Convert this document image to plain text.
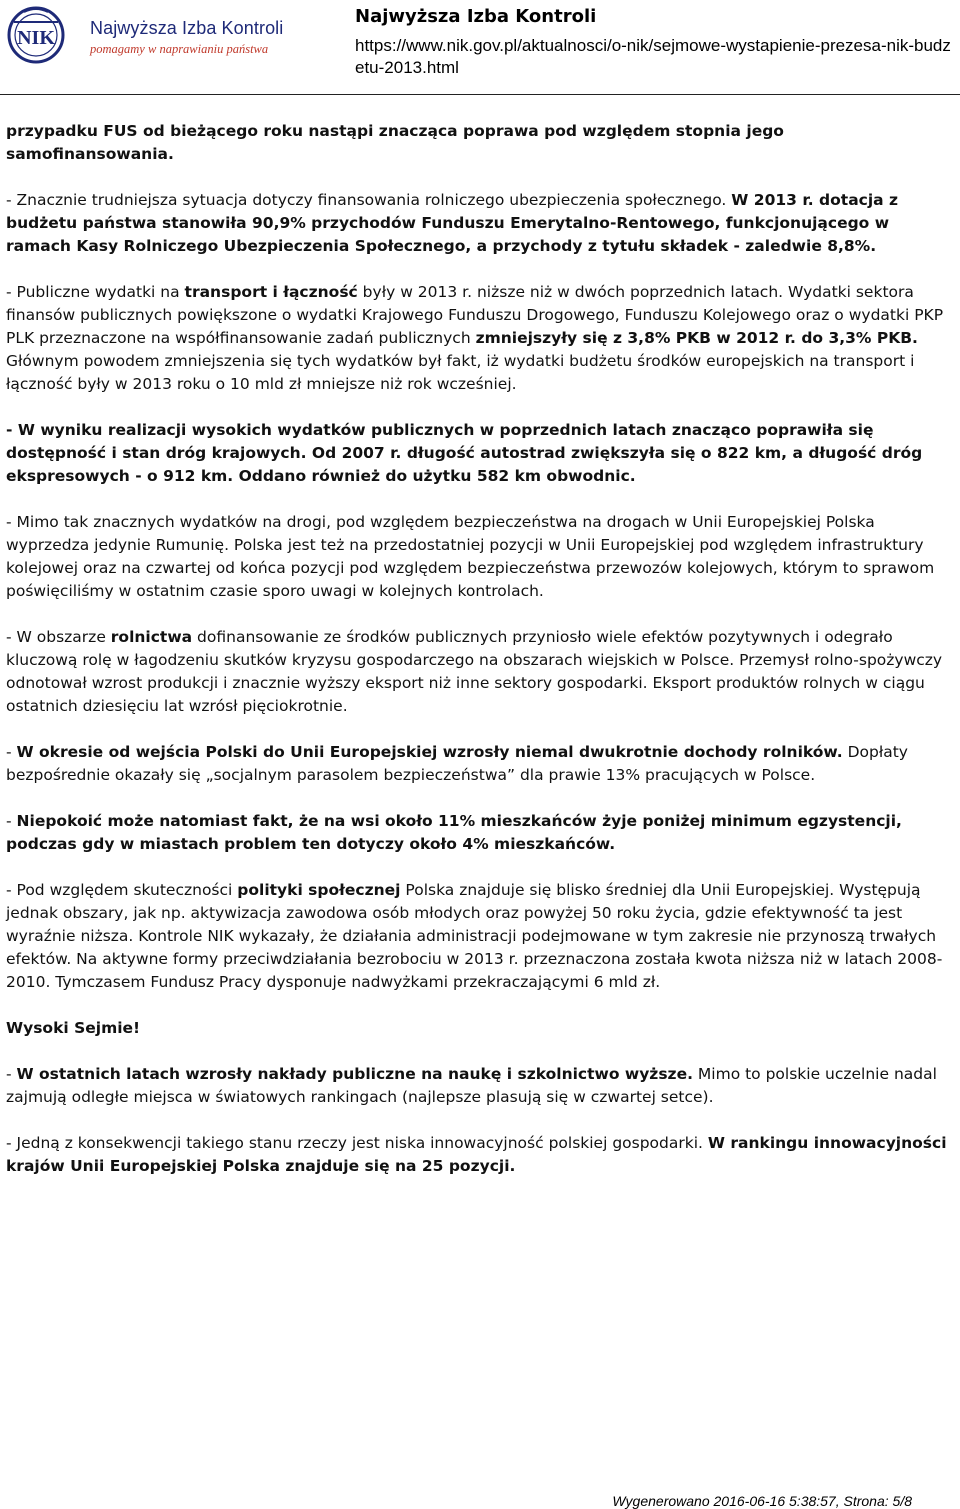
NIK Najwyższa Izba Kontroli
pomagamy w naprawianiu państwa
Najwyższa Izba Kontroli
https://www.nik.gov.pl/aktualnosci/o-nik/sejmowe-wystapienie-prezesa-nik-budzetu-2013.html

przypadku FUS od bieżącego roku nastąpi znacząca poprawa pod względem stopnia jego samofinansowania.

- Znacznie trudniejsza sytuacja dotyczy finansowania rolniczego ubezpieczenia społecznego. W 2013 r. dotacja z budżetu państwa stanowiła 90,9% przychodów Funduszu Emerytalno-Rentowego, funkcjonującego w ramach Kasy Rolniczego Ubezpieczenia Społecznego, a przychody z tytułu składek - zaledwie 8,8%.

- Publiczne wydatki na transport i łączność były w 2013 r. niższe niż w dwóch poprzednich latach. Wydatki sektora finansów publicznych powiększone o wydatki Krajowego Funduszu Drogowego, Funduszu Kolejowego oraz o wydatki PKP PLK przeznaczone na współfinansowanie zadań publicznych zmniejszyły się z 3,8% PKB w 2012 r. do 3,3% PKB. Głównym powodem zmniejszenia się tych wydatków był fakt, iż wydatki budżetu środków europejskich na transport i łączność były w 2013 roku o 10 mld zł mniejsze niż rok wcześniej.

- W wyniku realizacji wysokich wydatków publicznych w poprzednich latach znacząco poprawiła się dostępność i stan dróg krajowych. Od 2007 r. długość autostrad zwiększyła się o 822 km, a długość dróg ekspresowych - o 912 km. Oddano również do użytku 582 km obwodnic.

- Mimo tak znacznych wydatków na drogi, pod względem bezpieczeństwa na drogach w Unii Europejskiej Polska wyprzedza jedynie Rumunię. Polska jest też na przedostatniej pozycji w Unii Europejskiej pod względem infrastruktury kolejowej oraz na czwartej od końca pozycji pod względem bezpieczeństwa przewozów kolejowych, którym to sprawom poświęciliśmy w ostatnim czasie sporo uwagi w kolejnych kontrolach.

- W obszarze rolnictwa dofinansowanie ze środków publicznych przyniosło wiele efektów pozytywnych i odegrało kluczową rolę w łagodzeniu skutków kryzysu gospodarczego na obszarach wiejskich w Polsce. Przemysł rolno-spożywczy odnotował wzrost produkcji i znacznie wyższy eksport niż inne sektory gospodarki. Eksport produktów rolnych w ciągu ostatnich dziesięciu lat wzrósł pięciokrotnie.

- W okresie od wejścia Polski do Unii Europejskiej wzrosły niemal dwukrotnie dochody rolników. Dopłaty bezpośrednie okazały się „socjalnym parasolem bezpieczeństwa” dla prawie 13% pracujących w Polsce.

- Niepokoić może natomiast fakt, że na wsi około 11% mieszkańców żyje poniżej minimum egzystencji, podczas gdy w miastach problem ten dotyczy około 4% mieszkańców.

- Pod względem skuteczności polityki społecznej Polska znajduje się blisko średniej dla Unii Europejskiej. Występują jednak obszary, jak np. aktywizacja zawodowa osób młodych oraz powyżej 50 roku życia, gdzie efektywność ta jest wyraźnie niższa. Kontrole NIK wykazały, że działania administracji podejmowane w tym zakresie nie przynoszą trwałych efektów. Na aktywne formy przeciwdziałania bezrobociu w 2013 r. przeznaczona została kwota niższa niż w latach 2008-2010. Tymczasem Fundusz Pracy dysponuje nadwyżkami przekraczającymi 6 mld zł.

Wysoki Sejmie!

- W ostatnich latach wzrosły nakłady publiczne na naukę i szkolnictwo wyższe. Mimo to polskie uczelnie nadal zajmują odległe miejsca w światowych rankingach (najlepsze plasują się w czwartej setce).

- Jedną z konsekwencji takiego stanu rzeczy jest niska innowacyjność polskiej gospodarki. W rankingu innowacyjności krajów Unii Europejskiej Polska znajduje się na 25 pozycji.

Wygenerowano 2016-06-16 5:38:57, Strona: 5/8
